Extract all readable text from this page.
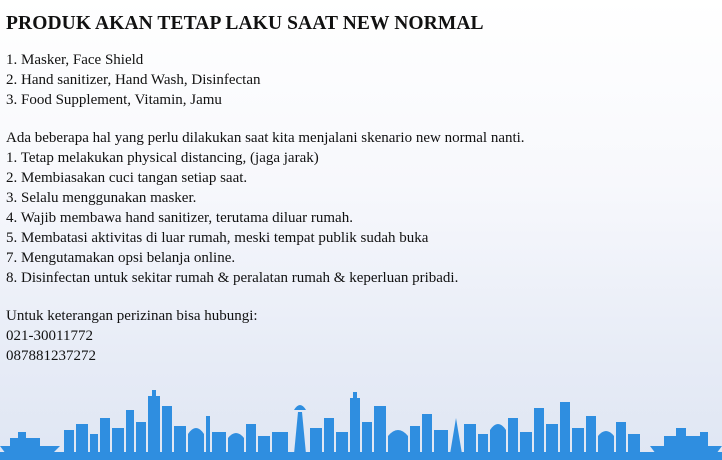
PRODUK AKAN TETAP LAKU SAAT NEW NORMAL
1. Masker, Face Shield
2. Hand sanitizer, Hand Wash, Disinfectan
3. Food Supplement, Vitamin, Jamu
Ada beberapa hal yang perlu dilakukan saat kita menjalani skenario new normal nanti.
1. Tetap melakukan physical distancing, (jaga jarak)
2. Membiasakan cuci tangan setiap saat.
3. Selalu menggunakan masker.
4. Wajib membawa hand sanitizer, terutama diluar rumah.
5. Membatasi aktivitas di luar rumah, meski tempat publik sudah buka
7. Mengutamakan opsi belanja online.
8. Disinfectan untuk sekitar rumah & peralatan rumah & keperluan pribadi.
Untuk keterangan perizinan bisa hubungi:
021-30011772
087881237272
